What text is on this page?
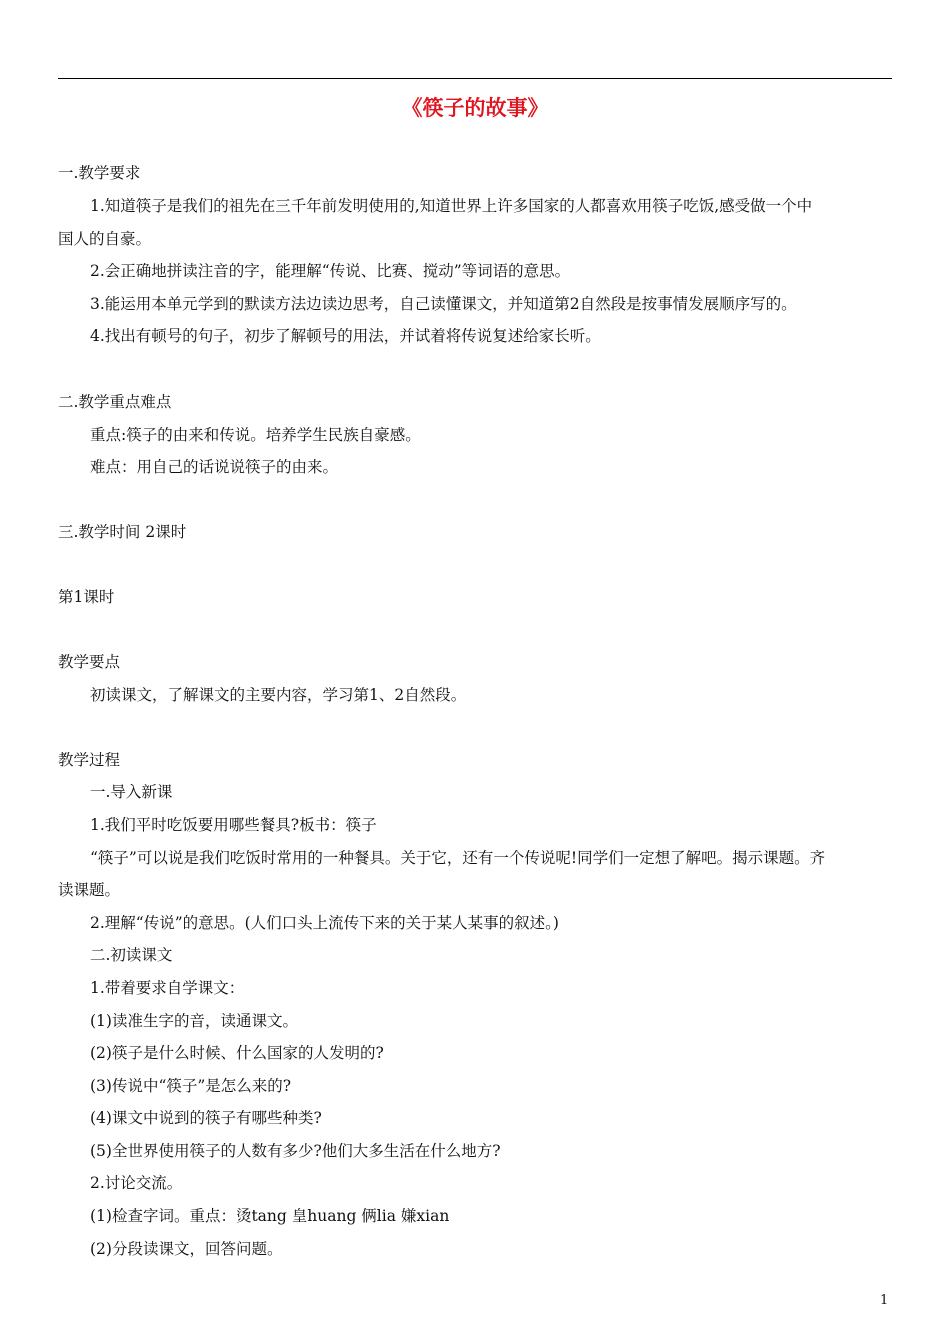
《筷子的故事》
一.教学要求
1.知道筷子是我们的祖先在三千年前发明使用的,知道世界上许多国家的人都喜欢用筷子吃饭,感受做一个中
国人的自豪。
2.会正确地拼读注音的字，能理解“传说、比赛、搅动”等词语的意思。
3.能运用本单元学到的默读方法边读边思考，自己读懂课文，并知道第2自然段是按事情发展顺序写的。
4.找出有顿号的句子，初步了解顿号的用法，并试着将传说复述给家长听。
二.教学重点难点
重点:筷子的由来和传说。培养学生民族自豪感。
难点：用自己的话说说筷子的由来。
三.教学时间 2课时
第1课时
教学要点
初读课文，了解课文的主要内容，学习第1、2自然段。
教学过程
一.导入新课
1.我们平时吃饭要用哪些餐具?板书：筷子
“筷子”可以说是我们吃饭时常用的一种餐具。关于它，还有一个传说呢!同学们一定想了解吧。揭示课题。齐
读课题。
2.理解“传说”的意思。(人们口头上流传下来的关于某人某事的叙述。)
二.初读课文
1.带着要求自学课文：
(1)读准生字的音，读通课文。
(2)筷子是什么时候、什么国家的人发明的?
(3)传说中“筷子”是怎么来的?
(4)课文中说到的筷子有哪些种类?
(5)全世界使用筷子的人数有多少?他们大多生活在什么地方?
2.讨论交流。
(1)检查字词。重点：烫tang 皇huang 俩lia 嫌xian
(2)分段读课文，回答问题。
1
